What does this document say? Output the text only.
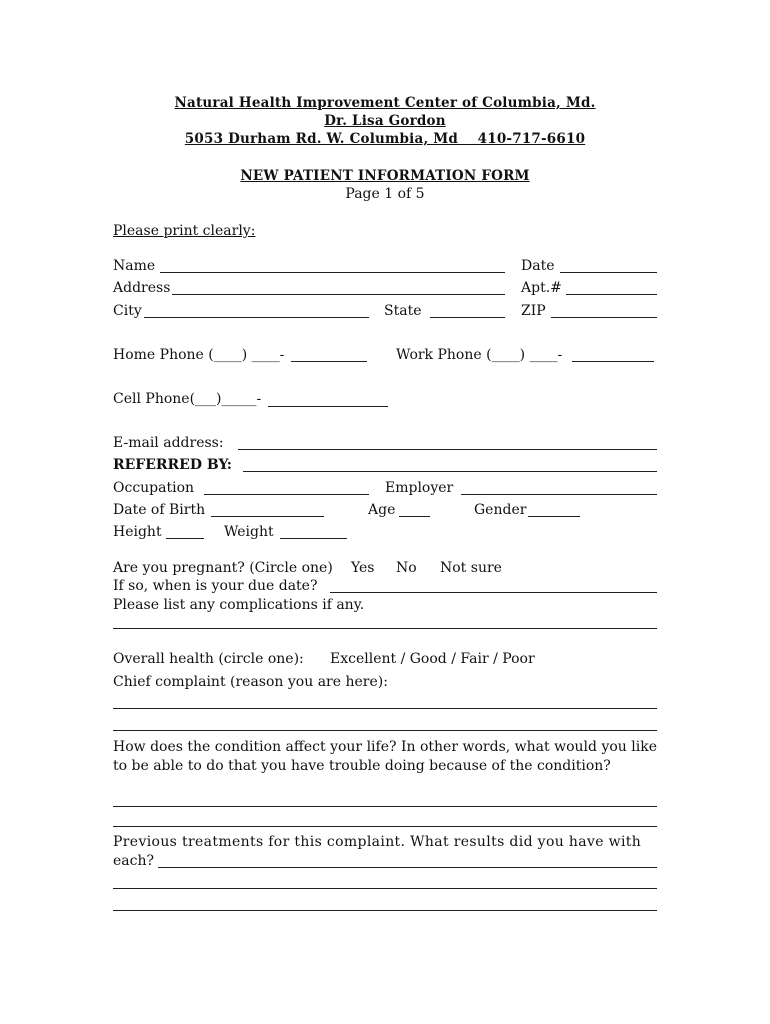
Natural Health Improvement Center of Columbia, Md.
Dr. Lisa Gordon
5053 Durham Rd. W. Columbia, Md    410-717-6610
NEW PATIENT INFORMATION FORM
Page 1 of 5
Please print clearly:
Name	Date
Address	Apt.#
City	State	ZIP
Home Phone (____) ____-	Work Phone (____) ____-
Cell Phone(___)_____-
E-mail address:
REFERRED BY:
Occupation	Employer
Date of Birth	Age	Gender
Height	Weight
Are you pregnant? (Circle one) Yes No Not sure
If so, when is your due date?
Please list any complications if any.
Overall health (circle one): Excellent / Good / Fair / Poor
Chief complaint (reason you are here):
How does the condition affect your life? In other words, what would you like to be able to do that you have trouble doing because of the condition?
Previous treatments for this complaint. What results did you have with
each?
